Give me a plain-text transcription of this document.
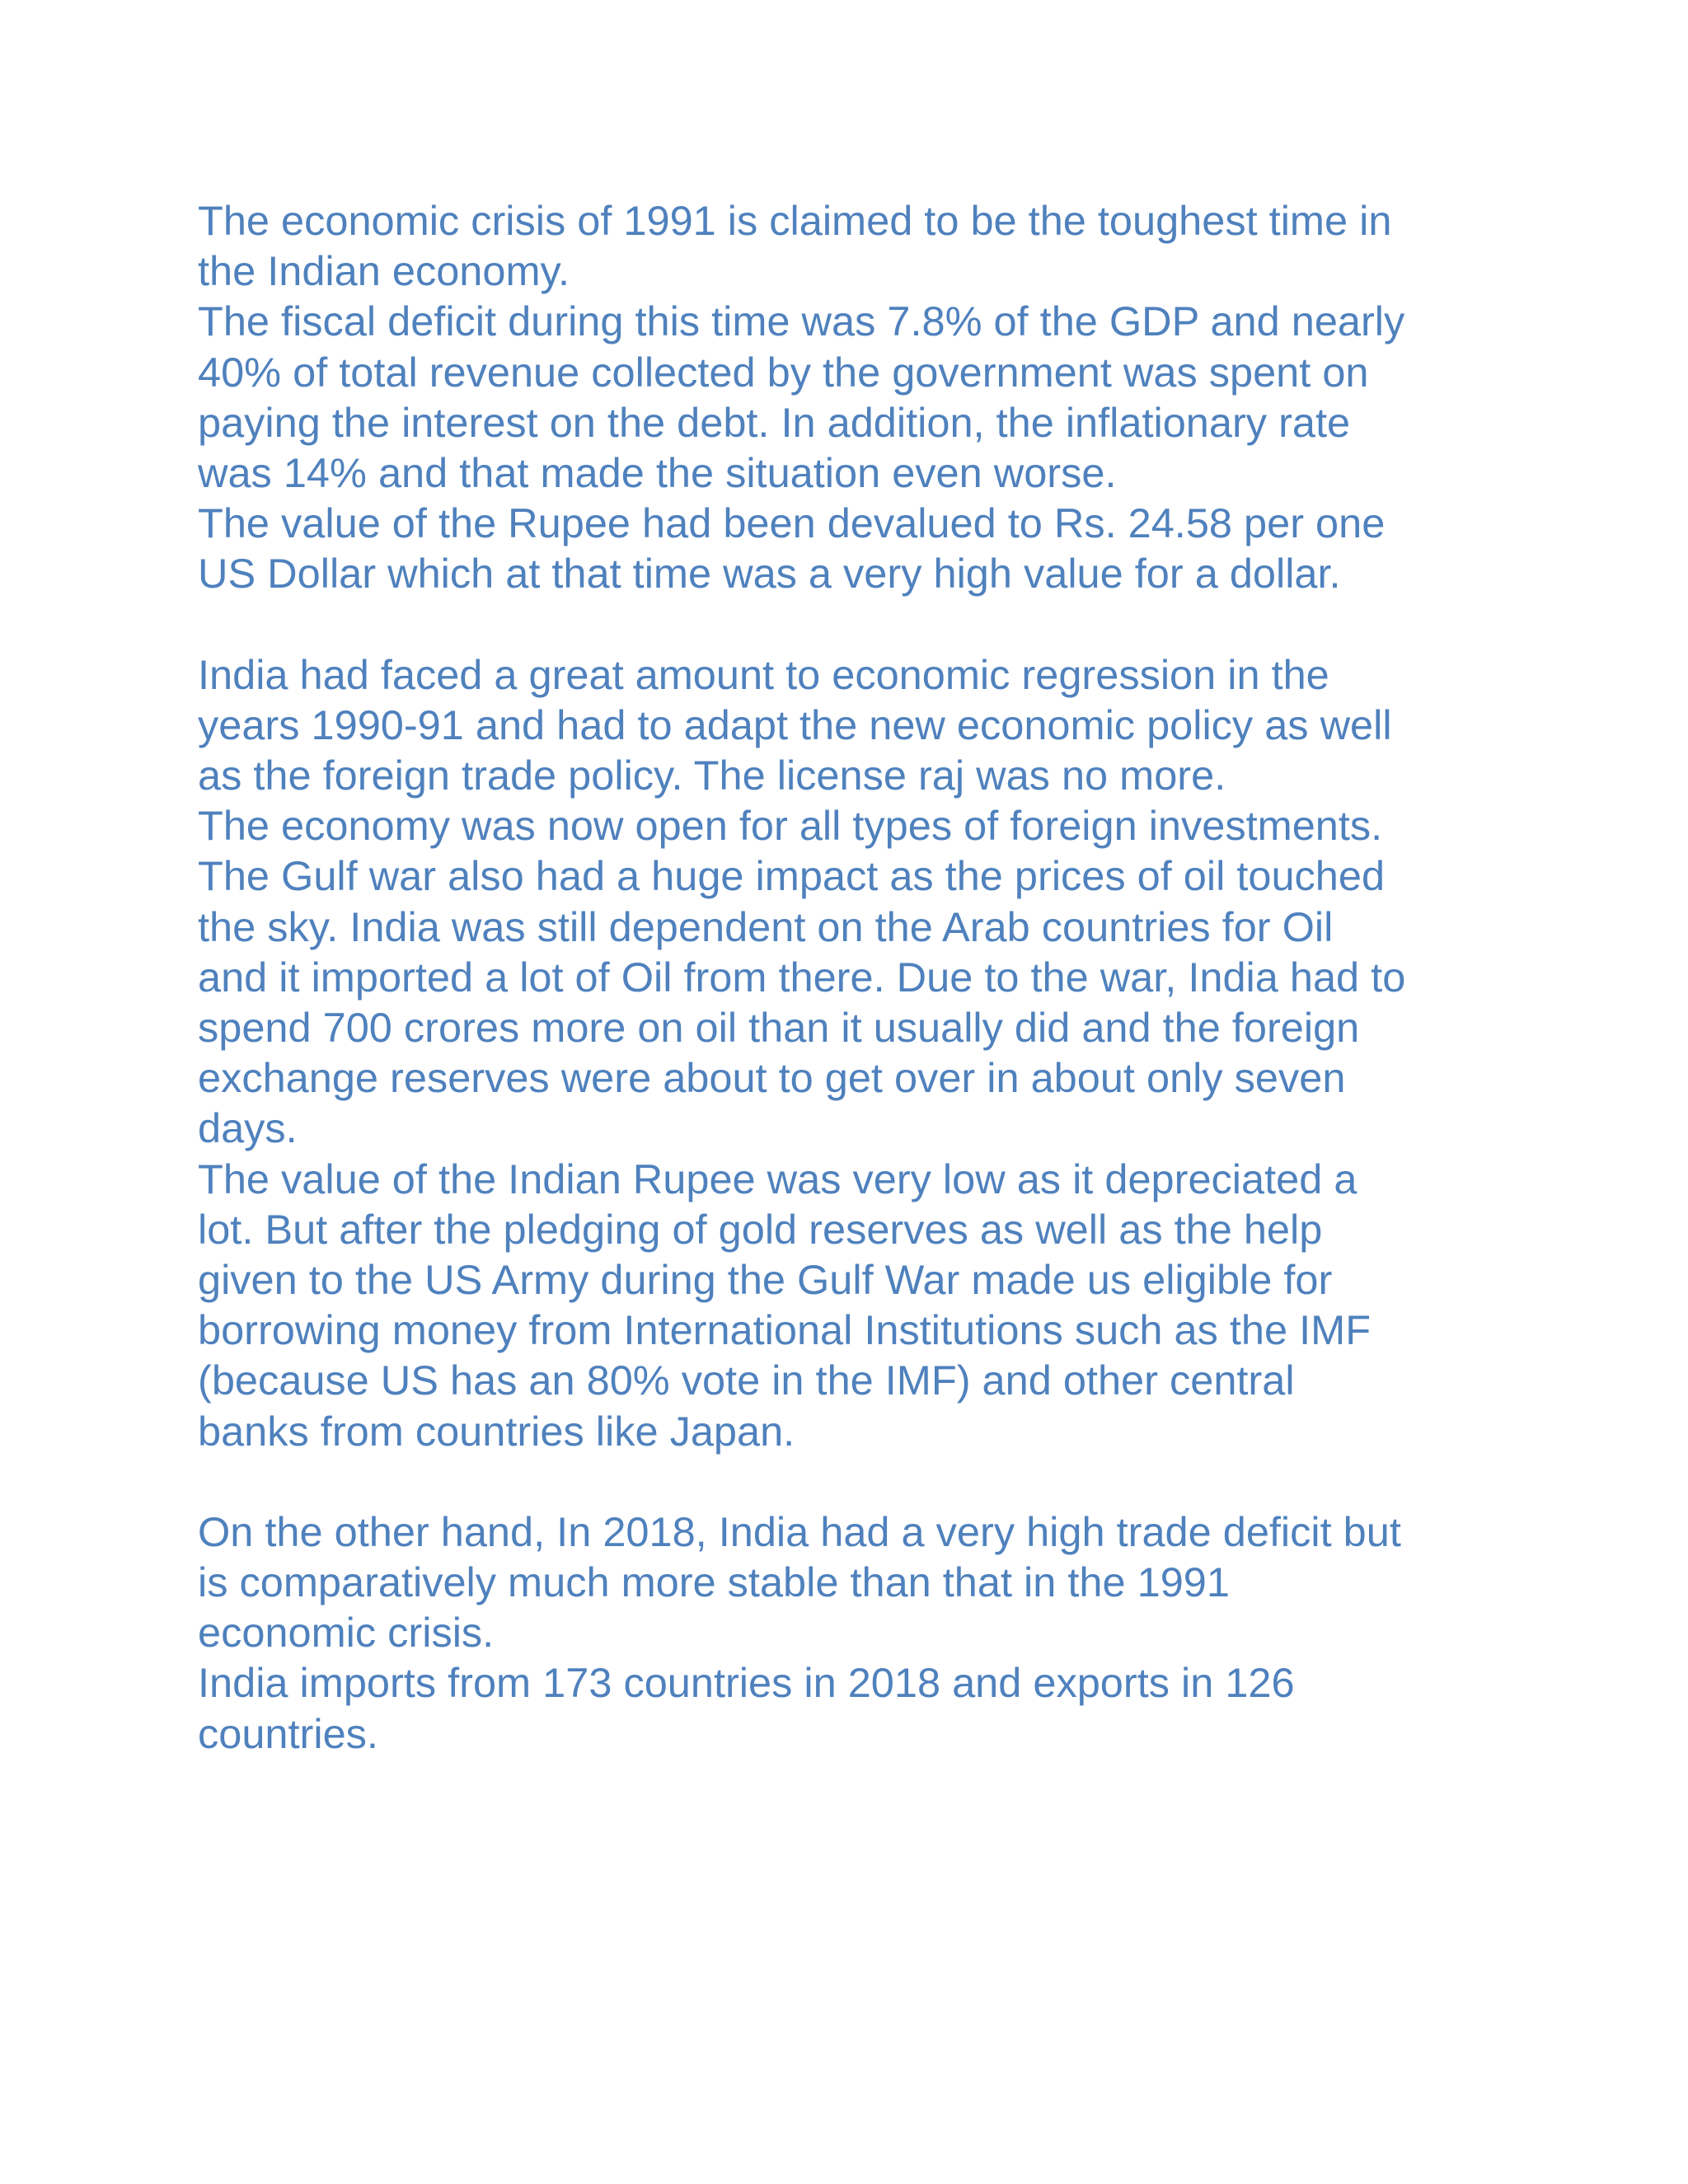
The economic crisis of 1991 is claimed to be the toughest time in
the Indian economy.
The fiscal deficit during this time was 7.8% of the GDP and nearly
40% of total revenue collected by the government was spent on
paying the interest on the debt. In addition, the inflationary rate
was 14% and that made the situation even worse.
The value of the Rupee had been devalued to Rs. 24.58 per one
US Dollar which at that time was a very high value for a dollar.
India had faced a great amount to economic regression in the
years 1990-91 and had to adapt the new economic policy as well
as the foreign trade policy. The license raj was no more.
The economy was now open for all types of foreign investments.
The Gulf war also had a huge impact as the prices of oil touched
the sky. India was still dependent on the Arab countries for Oil
and it imported a lot of Oil from there. Due to the war, India had to
spend 700 crores more on oil than it usually did and the foreign
exchange reserves were about to get over in about only seven
days.
The value of the Indian Rupee was very low as it depreciated a
lot. But after the pledging of gold reserves as well as the help
given to the US Army during the Gulf War made us eligible for
borrowing money from International Institutions such as the IMF
(because US has an 80% vote in the IMF) and other central
banks from countries like Japan.
On the other hand, In 2018, India had a very high trade deficit but
is comparatively much more stable than that in the 1991
economic crisis.
India imports from 173 countries in 2018 and exports in 126
countries.
